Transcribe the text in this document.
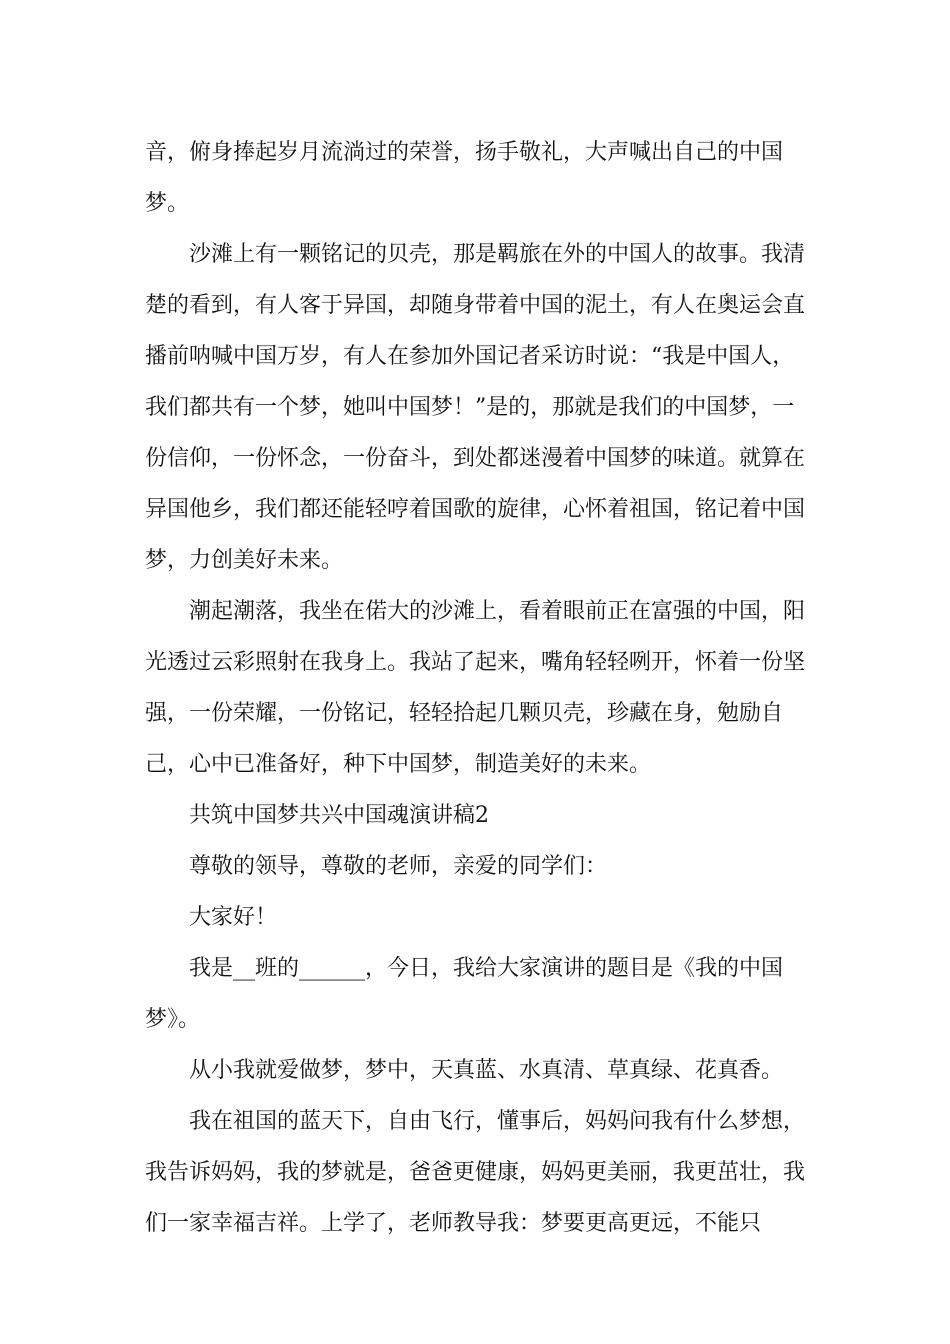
音，俯身捧起岁月流淌过的荣誉，扬手敬礼，大声喊出自己的中国梦。

沙滩上有一颗铭记的贝壳，那是羁旅在外的中国人的故事。我清楚的看到，有人客于异国，却随身带着中国的泥土，有人在奥运会直播前呐喊中国万岁，有人在参加外国记者采访时说：“我是中国人，我们都共有一个梦，她叫中国梦！”是的，那就是我们的中国梦，一份信仰，一份怀念，一份奋斗，到处都迷漫着中国梦的味道。就算在异国他乡，我们都还能轻哼着国歌的旋律，心怀着祖国，铭记着中国梦，力创美好未来。

潮起潮落，我坐在偌大的沙滩上，看着眼前正在富强的中国，阳光透过云彩照射在我身上。我站了起来，嘴角轻轻咧开，怀着一份坚强，一份荣耀，一份铭记，轻轻拾起几颗贝壳，珍藏在身，勉励自己，心中已准备好，种下中国梦，制造美好的未来。

共筑中国梦共兴中国魂演讲稿2

尊敬的领导，尊敬的老师，亲爱的同学们：

大家好！

我是__班的______，今日，我给大家演讲的题目是《我的中国梦》。

从小我就爱做梦，梦中，天真蓝、水真清、草真绿、花真香。

我在祖国的蓝天下，自由飞行，懂事后，妈妈问我有什么梦想，我告诉妈妈，我的梦就是，爸爸更健康，妈妈更美丽，我更茁壮，我们一家幸福吉祥。上学了，老师教导我：梦要更高更远，不能只
